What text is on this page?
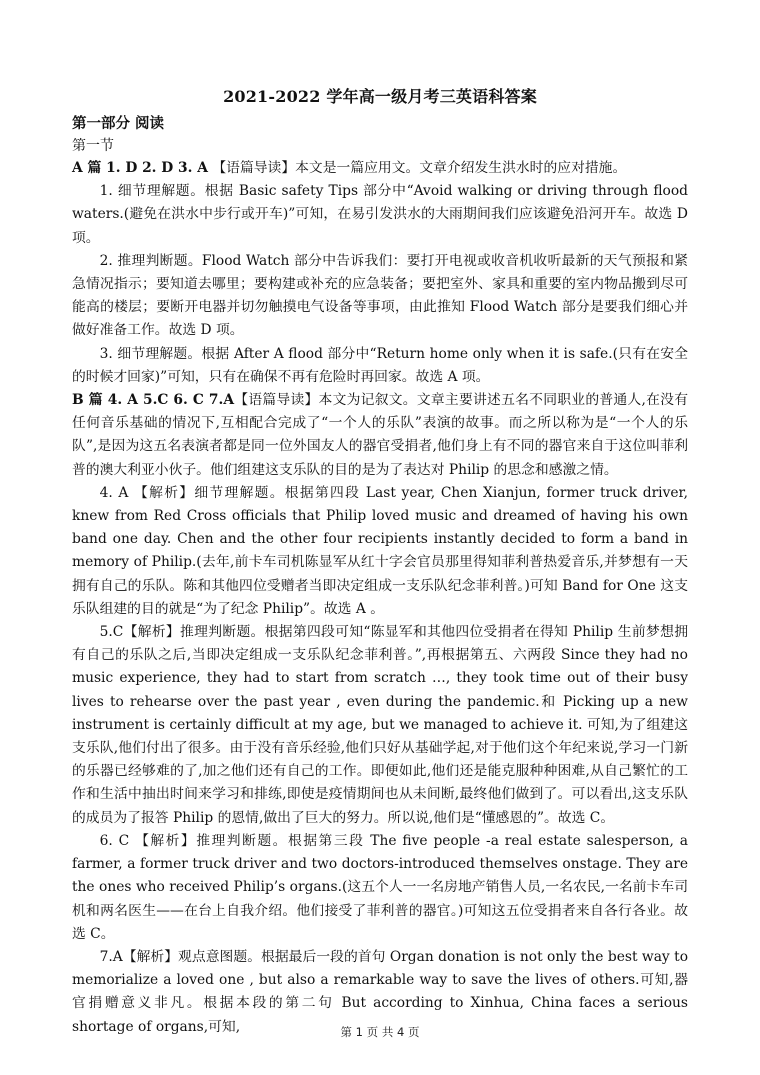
2021-2022 学年高一级月考三英语科答案
第一部分 阅读
第一节

A 篇 1. D 2. D 3. A 【语篇导读】本文是一篇应用文。文章介绍发生洪水时的应对措施。

1. 细节理解题。根据 Basic safety Tips 部分中“Avoid walking or driving through flood waters.(避免在洪水中步行或开车)”可知，在易引发洪水的大雨期间我们应该避免沿河开车。故选 D 项。

2. 推理判断题。Flood Watch 部分中告诉我们：要打开电视或收音机收听最新的天气预报和紧急情况指示；要知道去哪里；要构建或补充的应急装备；要把室外、家具和重要的室内物品搬到尽可能高的楼层；要断开电器并切勿触摸电气设备等事项，由此推知 Flood Watch 部分是要我们细心并做好准备工作。故选 D 项。

3. 细节理解题。根据 After A flood 部分中“Return home only when it is safe.(只有在安全的时候才回家)”可知，只有在确保不再有危险时再回家。故选 A 项。

B 篇 4. A 5.C 6. C 7.A【语篇导读】本文为记叙文。文章主要讲述五名不同职业的普通人,在没有任何音乐基础的情况下,互相配合完成了“一个人的乐队”表演的故事。而之所以称为是“一个人的乐队”,是因为这五名表演者都是同一位外国友人的器官受捐者,他们身上有不同的器官来自于这位叫菲利普的澳大利亚小伙子。他们组建这支乐队的目的是为了表达对 Philip 的思念和感激之情。

4. A 【解析】细节理解题。根据第四段 Last year, Chen Xianjun, former truck driver, knew from Red Cross officials that Philip loved music and dreamed of having his own band one day. Chen and the other four recipients instantly decided to form a band in memory of Philip.(去年,前卡车司机陈显军从红十字会官员那里得知菲利普热爱音乐,并梦想有一天拥有自己的乐队。陈和其他四位受赠者当即决定组成一支乐队纪念菲利普。)可知 Band for One 这支乐队组建的目的就是“为了纪念 Philip”。故选 A 。

5.C【解析】推理判断题。根据第四段可知“陈显军和其他四位受捐者在得知 Philip 生前梦想拥有自己的乐队之后,当即决定组成一支乐队纪念菲利普。”,再根据第五、六两段 Since they had no music experience, they had to start from scratch …, they took time out of their busy lives to rehearse over the past year , even during the pandemic.和 Picking up a new instrument is certainly difficult at my age, but we managed to achieve it. 可知,为了组建这支乐队,他们付出了很多。由于没有音乐经验,他们只好从基础学起,对于他们这个年纪来说,学习一门新的乐器已经够难的了,加之他们还有自己的工作。即便如此,他们还是能克服种种困难,从自己繁忙的工作和生活中抽出时间来学习和排练,即使是疫情期间也从未间断,最终他们做到了。可以看出,这支乐队的成员为了报答 Philip 的恩情,做出了巨大的努力。所以说,他们是“懂感恩的”。故选 C。

6. C 【解析】推理判断题。根据第三段 The five people -a real estate salesperson, a farmer, a former truck driver and two doctors-introduced themselves onstage. They are the ones who received Philip’s organs.(这五个人一一名房地产销售人员,一名农民,一名前卡车司机和两名医生——在台上自我介绍。他们接受了菲利普的器官。)可知这五位受捐者来自各行各业。故选 C。

7.A【解析】观点意图题。根据最后一段的首句 Organ donation is not only the best way to memorialize a loved one , but also a remarkable way to save the lives of others.可知,器官捐赠意义非凡。根据本段的第二句 But according to Xinhua, China faces a serious shortage of organs,可知,	第 1 页 共 4 页
